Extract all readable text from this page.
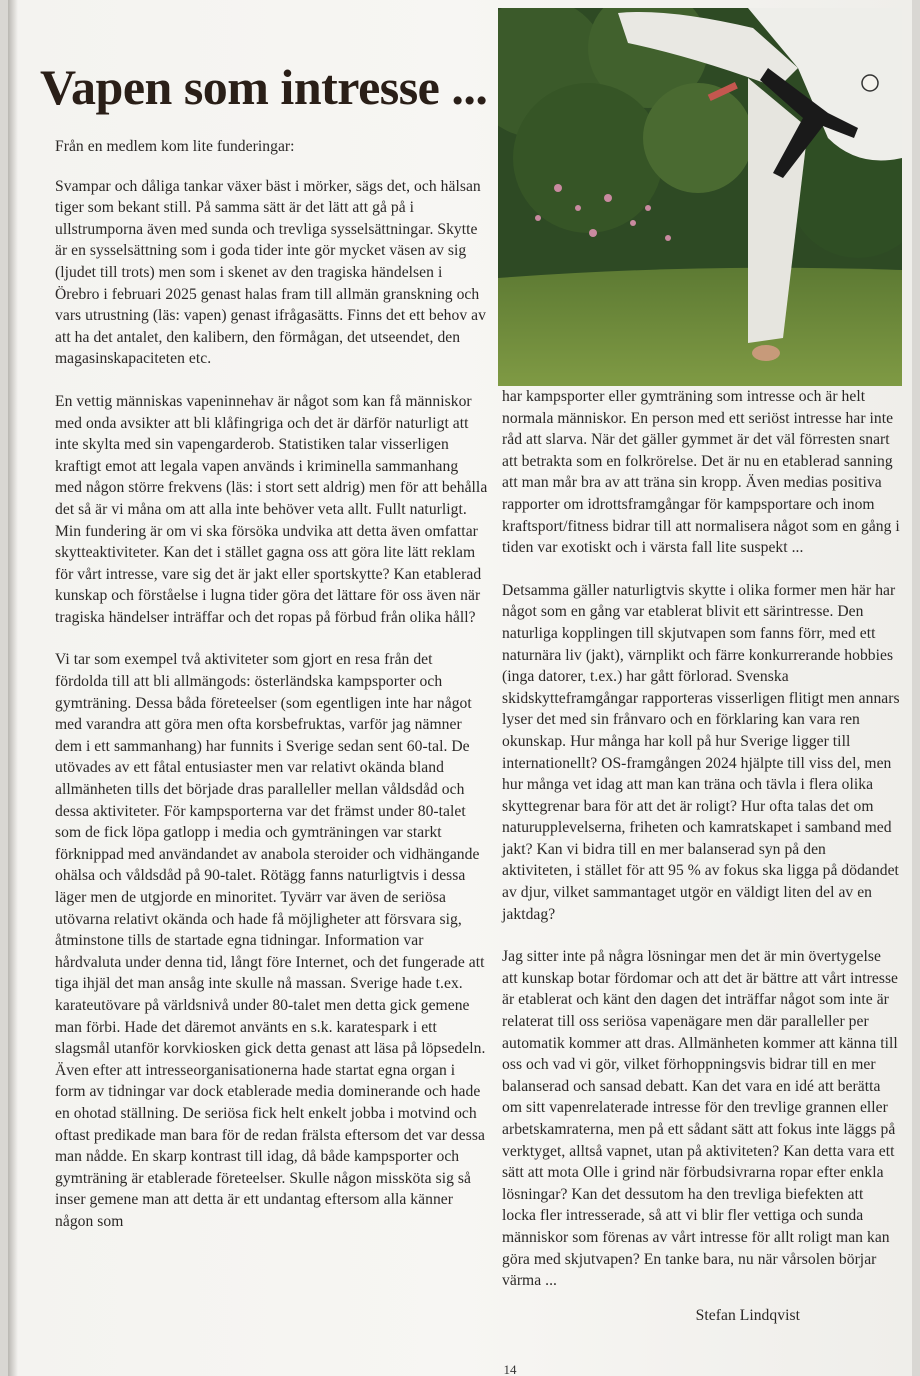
Vapen som intresse ...

Från en medlem kom lite funderingar:

Svampar och dåliga tankar växer bäst i mörker, sägs det, och hälsan tiger som bekant still. På samma sätt är det lätt att gå på i ullstrumporna även med sunda och trevliga sysselsättningar. Skytte är en sysselsättning som i goda tider inte gör mycket väsen av sig (ljudet till trots) men som i skenet av den tragiska händelsen i Örebro i februari 2025 genast halas fram till allmän granskning och vars utrustning (läs: vapen) genast ifrågasätts. Finns det ett behov av att ha det antalet, den kalibern, den förmågan, det utseendet, den magasinskapaciteten etc.

En vettig människas vapeninnehav är något som kan få människor med onda avsikter att bli klåfingriga och det är därför naturligt att inte skylta med sin vapengarderob. Statistiken talar visserligen kraftigt emot att legala vapen används i kriminella sammanhang med någon större frekvens (läs: i stort sett aldrig) men för att behålla det så är vi måna om att alla inte behöver veta allt. Fullt naturligt. Min fundering är om vi ska försöka undvika att detta även omfattar skytteaktiviteter. Kan det i stället gagna oss att göra lite lätt reklam för vårt intresse, vare sig det är jakt eller sportskytte? Kan etablerad kunskap och förståelse i lugna tider göra det lättare för oss även när tragiska händelser inträffar och det ropas på förbud från olika håll?

Vi tar som exempel två aktiviteter som gjort en resa från det fördolda till att bli allmängods: österländska kampsporter och gymträning. Dessa båda företeelser (som egentligen inte har något med varandra att göra men ofta korsbefruktas, varför jag nämner dem i ett sammanhang) har funnits i Sverige sedan sent 60-tal. De utövades av ett fåtal entusiaster men var relativt okända bland allmänheten tills det började dras paralleller mellan våldsdåd och dessa aktiviteter. För kampsporterna var det främst under 80-talet som de fick löpa gatlopp i media och gymträningen var starkt förknippad med användandet av anabola steroider och vidhängande ohälsa och våldsdåd på 90-talet. Rötägg fanns naturligtvis i dessa läger men de utgjorde en minoritet. Tyvärr var även de seriösa utövarna relativt okända och hade få möjligheter att försvara sig, åtminstone tills de startade egna tidningar. Information var hårdvaluta under denna tid, långt före Internet, och det fungerade att tiga ihjäl det man ansåg inte skulle nå massan. Sverige hade t.ex. karateutövare på världsnivå under 80-talet men detta gick gemene man förbi. Hade det däremot använts en s.k. karatespark i ett slagsmål utanför korvkiosken gick detta genast att läsa på löpsedeln. Även efter att intresseorganisationerna hade startat egna organ i form av tidningar var dock etablerade media dominerande och hade en ohotad ställning. De seriösa fick helt enkelt jobba i motvind och oftast predikade man bara för de redan frälsta eftersom det var dessa man nådde. En skarp kontrast till idag, då både kampsporter och gymträning är etablerade företeelser. Skulle någon missköta sig så inser gemene man att detta är ett undantag eftersom alla känner någon som

har kampsporter eller gymträning som intresse och är helt normala människor. En person med ett seriöst intresse har inte råd att slarva. När det gäller gymmet är det väl förresten snart att betrakta som en folkrörelse. Det är nu en etablerad sanning att man mår bra av att träna sin kropp. Även medias positiva rapporter om idrottsframgångar för kampsportare och inom kraftsport/fitness bidrar till att normalisera något som en gång i tiden var exotiskt och i värsta fall lite suspekt ...

Detsamma gäller naturligtvis skytte i olika former men här har något som en gång var etablerat blivit ett särintresse. Den naturliga kopplingen till skjutvapen som fanns förr, med ett naturnära liv (jakt), värnplikt och färre konkurrerande hobbies (inga datorer, t.ex.) har gått förlorad. Svenska skidskytteframgångar rapporteras visserligen flitigt men annars lyser det med sin frånvaro och en förklaring kan vara ren okunskap. Hur många har koll på hur Sverige ligger till internationellt? OS-framgången 2024 hjälpte till viss del, men hur många vet idag att man kan träna och tävla i flera olika skyttegrenar bara för att det är roligt? Hur ofta talas det om naturupplevelserna, friheten och kamratskapet i samband med jakt? Kan vi bidra till en mer balanserad syn på den aktiviteten, i stället för att 95 % av fokus ska ligga på dödandet av djur, vilket sammantaget utgör en väldigt liten del av en jaktdag?

Jag sitter inte på några lösningar men det är min övertygelse att kunskap botar fördomar och att det är bättre att vårt intresse är etablerat och känt den dagen det inträffar något som inte är relaterat till oss seriösa vapenägare men där paralleller per automatik kommer att dras. Allmänheten kommer att känna till oss och vad vi gör, vilket förhoppningsvis bidrar till en mer balanserad och sansad debatt. Kan det vara en idé att berätta om sitt vapenrelaterade intresse för den trevlige grannen eller arbetskamraterna, men på ett sådant sätt att fokus inte läggs på verktyget, alltså vapnet, utan på aktiviteten? Kan detta vara ett sätt att mota Olle i grind när förbudsivrarna ropar efter enkla lösningar? Kan det dessutom ha den trevliga biefekten att locka fler intresserade, så att vi blir fler vettiga och sunda människor som förenas av vårt intresse för allt roligt man kan göra med skjutvapen? En tanke bara, nu när vårsolen börjar värma ...

Stefan Lindqvist

14
